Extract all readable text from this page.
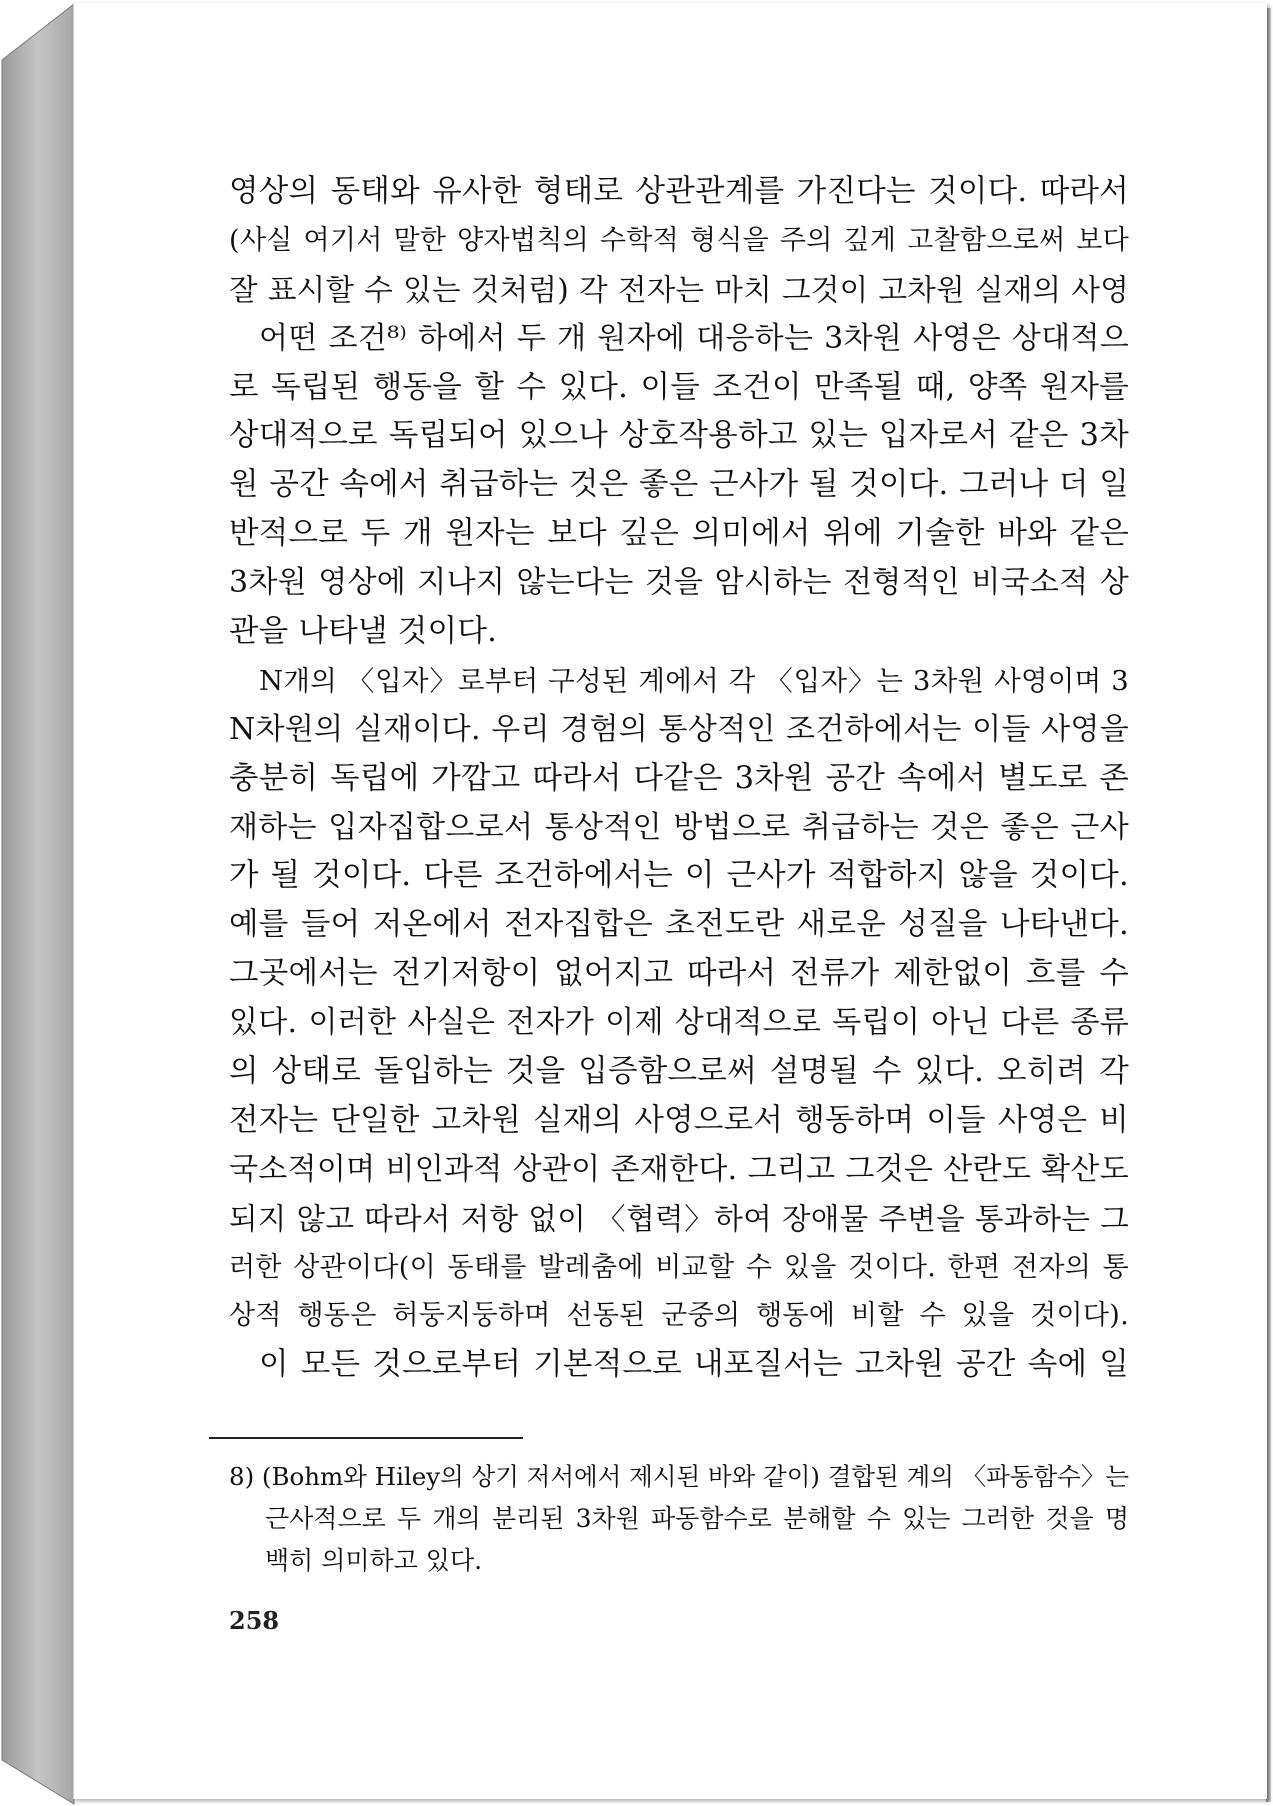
영상의 동태와 유사한 형태로 상관관계를 가진다는 것이다. 따라서
(사실 여기서 말한 양자법칙의 수학적 형식을 주의 깊게 고찰함으로써 보다
잘 표시할 수 있는 것처럼) 각 전자는 마치 그것이 고차원 실재의 사영
어떤 조건⁸⁾ 하에서 두 개 원자에 대응하는 3차원 사영은 상대적으
로 독립된 행동을 할 수 있다. 이들 조건이 만족될 때, 양쪽 원자를
상대적으로 독립되어 있으나 상호작용하고 있는 입자로서 같은 3차
원 공간 속에서 취급하는 것은 좋은 근사가 될 것이다. 그러나 더 일
반적으로 두 개 원자는 보다 깊은 의미에서 위에 기술한 바와 같은
3차원 영상에 지나지 않는다는 것을 암시하는 전형적인 비국소적 상
관을 나타낼 것이다.
N개의 〈입자〉로부터 구성된 계에서 각 〈입자〉는 3차원 사영이며 3
N차원의 실재이다. 우리 경험의 통상적인 조건하에서는 이들 사영을
충분히 독립에 가깝고 따라서 다같은 3차원 공간 속에서 별도로 존
재하는 입자집합으로서 통상적인 방법으로 취급하는 것은 좋은 근사
가 될 것이다. 다른 조건하에서는 이 근사가 적합하지 않을 것이다.
예를 들어 저온에서 전자집합은 초전도란 새로운 성질을 나타낸다.
그곳에서는 전기저항이 없어지고 따라서 전류가 제한없이 흐를 수
있다. 이러한 사실은 전자가 이제 상대적으로 독립이 아닌 다른 종류
의 상태로 돌입하는 것을 입증함으로써 설명될 수 있다. 오히려 각
전자는 단일한 고차원 실재의 사영으로서 행동하며 이들 사영은 비
국소적이며 비인과적 상관이 존재한다. 그리고 그것은 산란도 확산도
되지 않고 따라서 저항 없이 〈협력〉하여 장애물 주변을 통과하는 그
러한 상관이다(이 동태를 발레춤에 비교할 수 있을 것이다. 한편 전자의 통
상적 행동은 허둥지둥하며 선동된 군중의 행동에 비할 수 있을 것이다).
이 모든 것으로부터 기본적으로 내포질서는 고차원 공간 속에 일
8) (Bohm와 Hiley의 상기 저서에서 제시된 바와 같이) 결합된 계의 〈파동함수〉는
근사적으로 두 개의 분리된 3차원 파동함수로 분해할 수 있는 그러한 것을 명
백히 의미하고 있다.
258
